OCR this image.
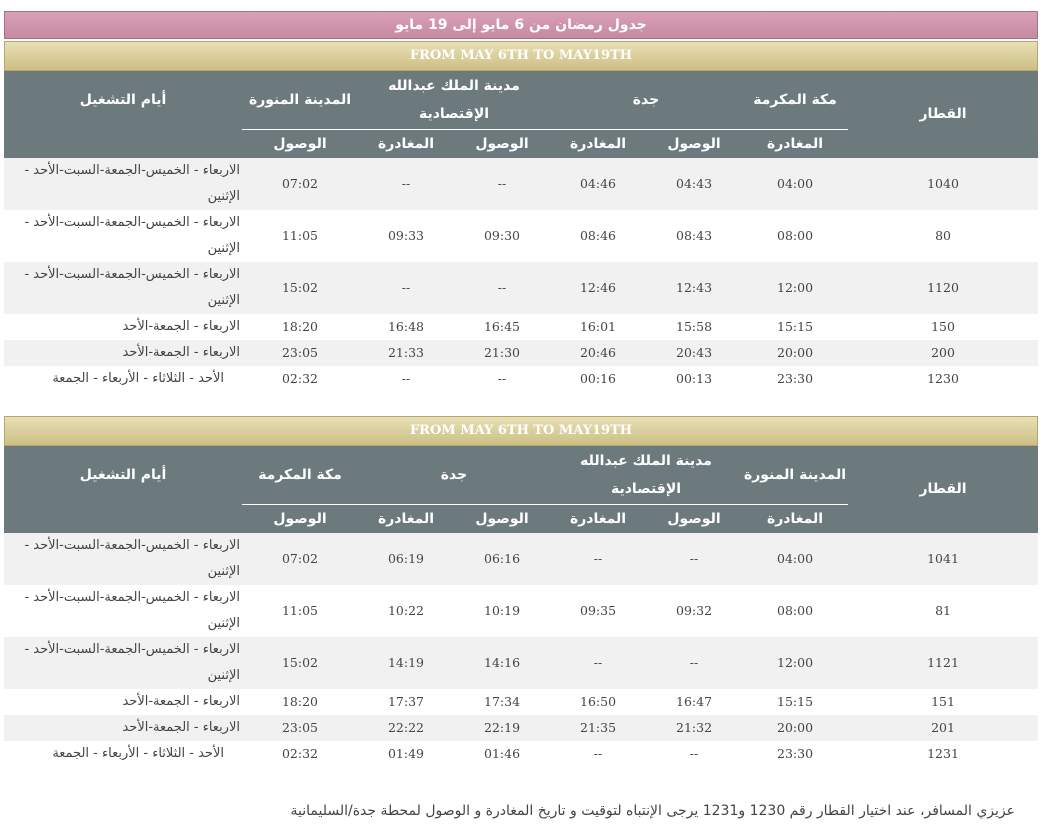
جدول رمضان من 6 مايو إلى 19 مايو
FROM MAY 6TH TO MAY19TH
القطار	مكة المكرمة	جدة		مدينة الملك عبدالله الإقتصادية		المدينة المنورة	أيام التشغيل
	المغادرة	الوصول	المغادرة	الوصول	المغادرة	الوصول	
1040	04:00	04:43	04:46	--	--	07:02	الاربعاء - الخميس-الجمعة-السبت-الأحد - الإثنين
80	08:00	08:43	08:46	09:30	09:33	11:05	الاربعاء - الخميس-الجمعة-السبت-الأحد - الإثنين
1120	12:00	12:43	12:46	--	--	15:02	الاربعاء - الخميس-الجمعة-السبت-الأحد - الإثنين
150	15:15	15:58	16:01	16:45	16:48	18:20	الاربعاء - الجمعة-الأحد
200	20:00	20:43	20:46	21:30	21:33	23:05	الاربعاء - الجمعة-الأحد
1230	23:30	00:13	00:16	--	--	02:32	الأحد - الثلاثاء - الأربعاء - الجمعة
FROM MAY 6TH TO MAY19TH
القطار	المدينة المنورة	مدينة الملك عبدالله الإقتصادية		جدة		مكة المكرمة	أيام التشغيل
	المغادرة	الوصول	المغادرة	الوصول	المغادرة	الوصول	
1041	04:00	--	--	06:16	06:19	07:02	الاربعاء - الخميس-الجمعة-السبت-الأحد - الإثنين
81	08:00	09:32	09:35	10:19	10:22	11:05	الاربعاء - الخميس-الجمعة-السبت-الأحد - الإثنين
1121	12:00	--	--	14:16	14:19	15:02	الاربعاء - الخميس-الجمعة-السبت-الأحد - الإثنين
151	15:15	16:47	16:50	17:34	17:37	18:20	الاربعاء - الجمعة-الأحد
201	20:00	21:32	21:35	22:19	22:22	23:05	الاربعاء - الجمعة-الأحد
1231	23:30	--	--	01:46	01:49	02:32	الأحد - الثلاثاء - الأربعاء - الجمعة
عزيزي المسافر، عند اختيار القطار رقم 1230 و1231 يرجى الإنتباه لتوقيت و تاريخ المغادرة و الوصول لمحطة جدة/السليمانية
